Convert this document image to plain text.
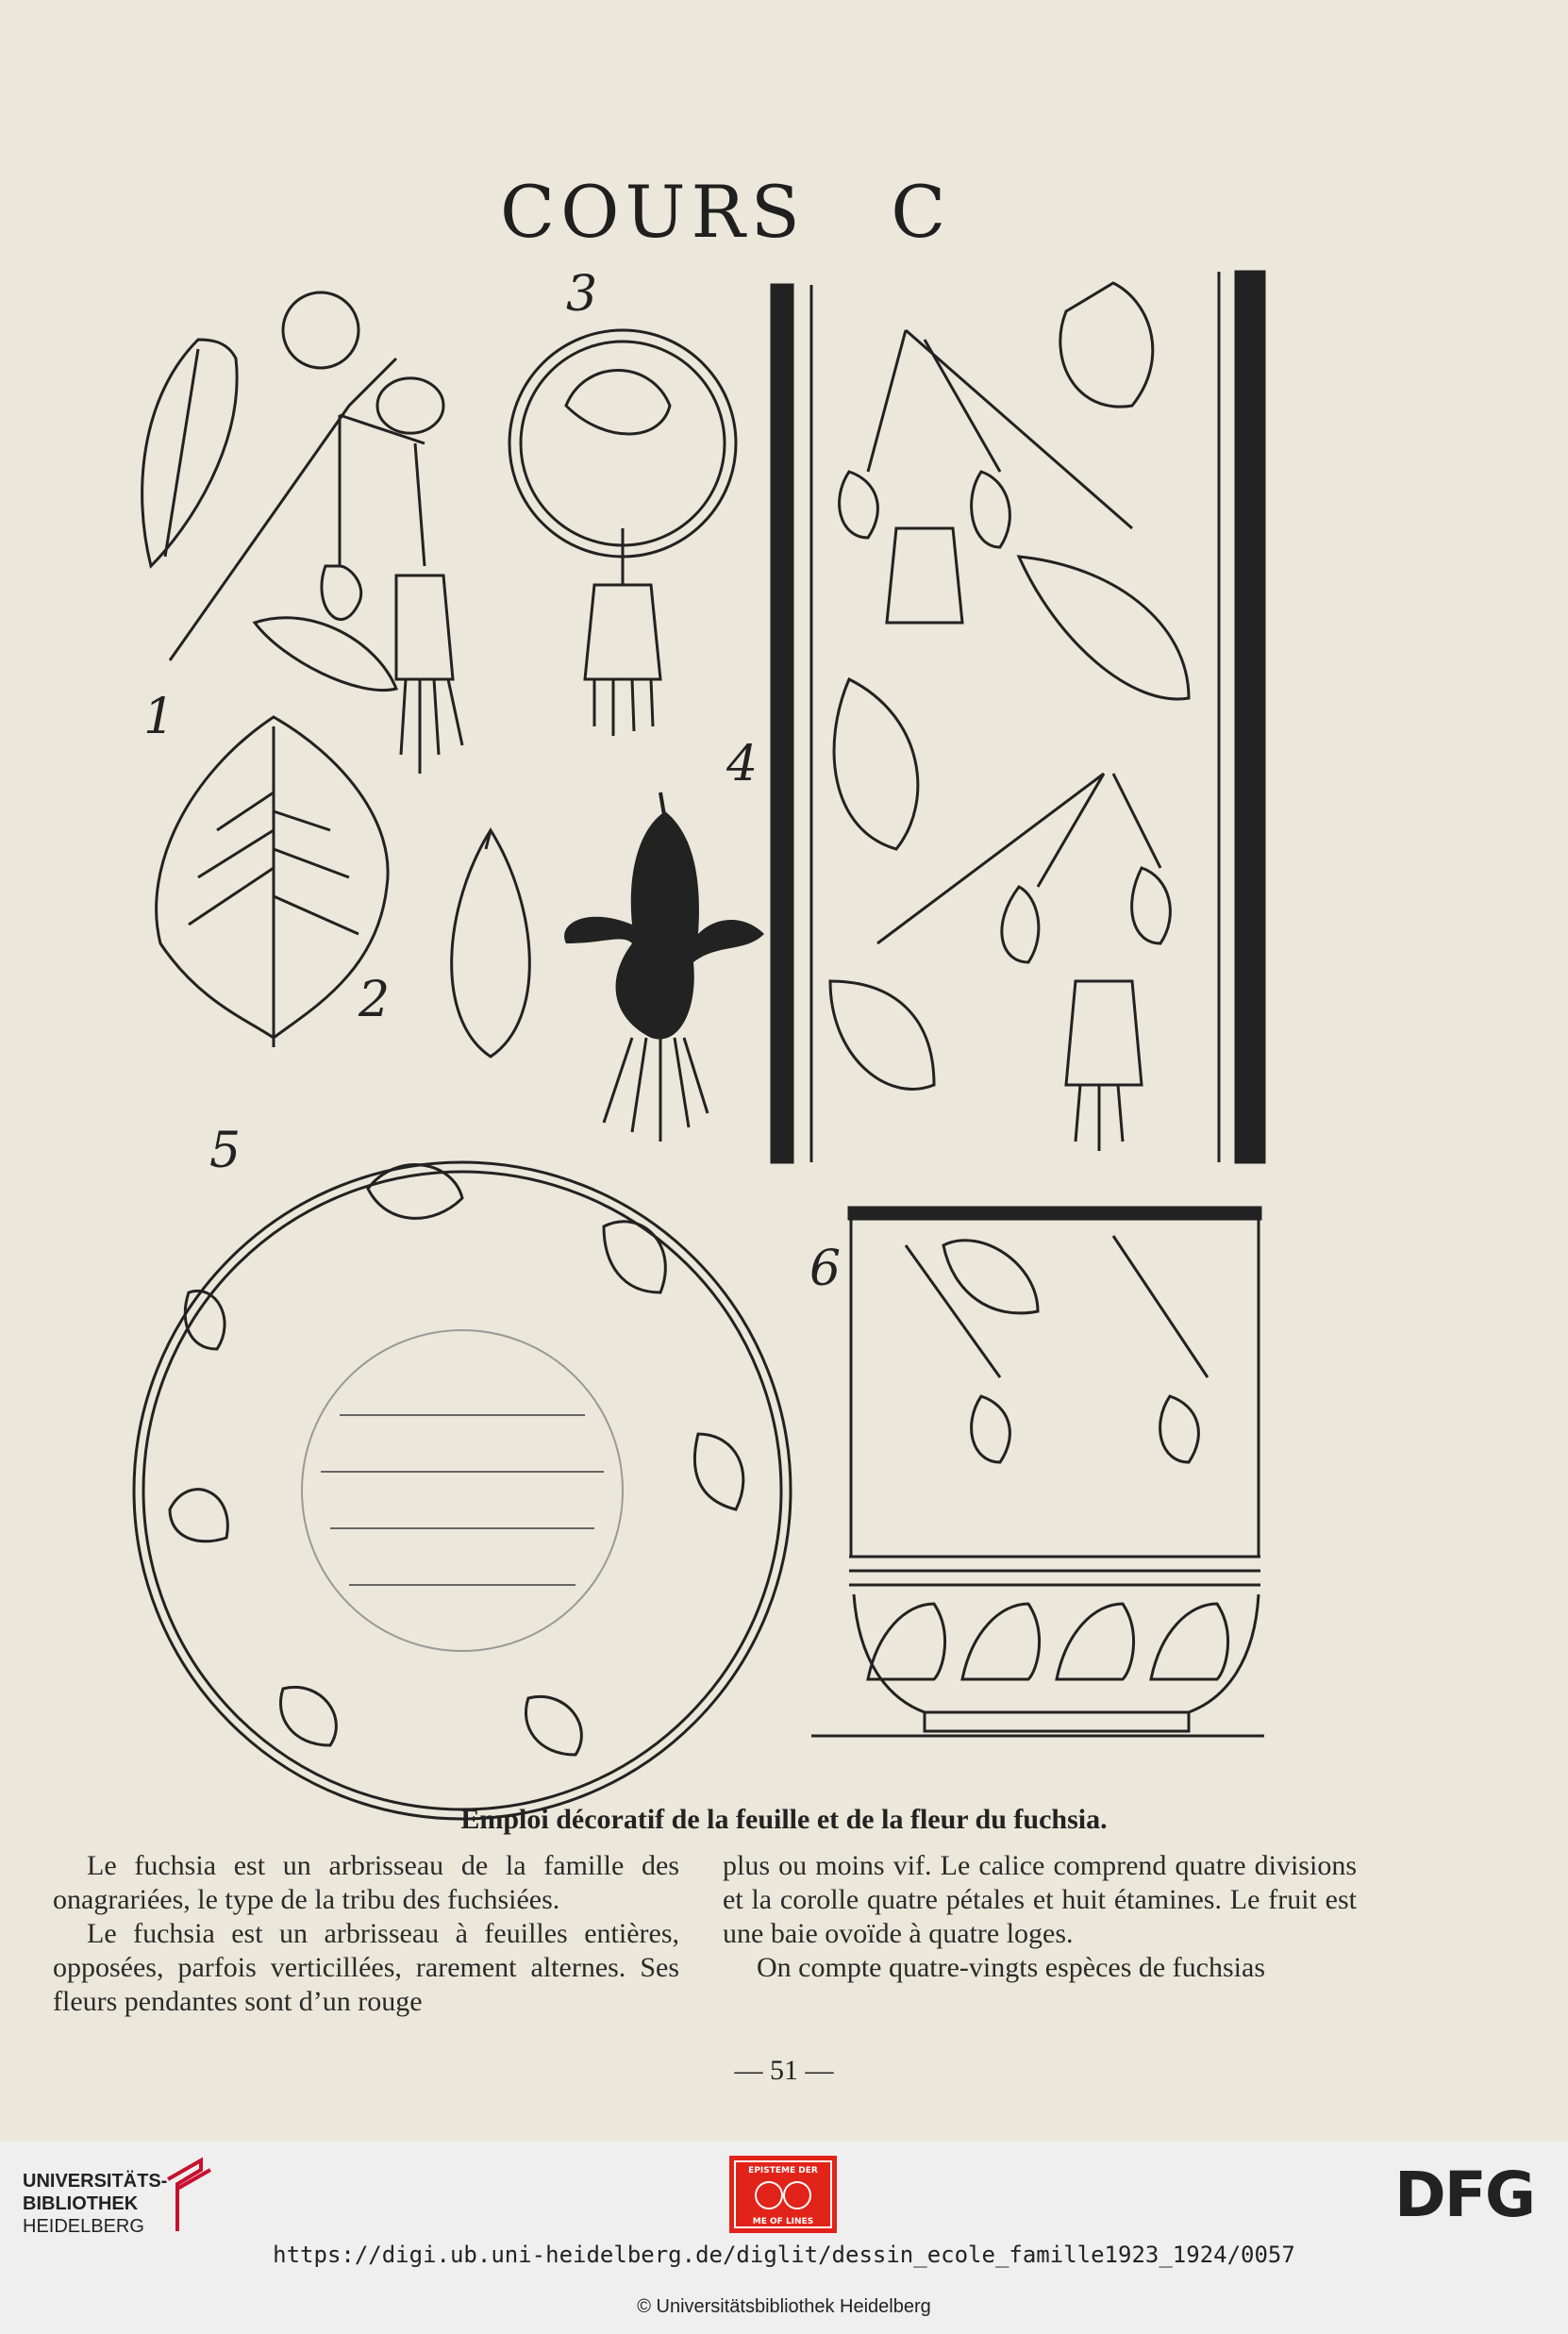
COURS   C
1
2
3
4
5
6
Emploi décoratif de la feuille et de la fleur du fuchsia.

Le fuchsia est un arbrisseau de la famille des onagrariées, le type de la tribu des fuchsiées.

Le fuchsia est un arbrisseau à feuilles entières, opposées, parfois verticillées, rarement alternes. Ses fleurs pendantes sont d’un rouge

plus ou moins vif. Le calice comprend quatre divisions et la corolle quatre pétales et huit étamines. Le fruit est une baie ovoïde à quatre loges.

On compte quatre-vingts espèces de fuchsias

— 51 —
UNIVERSITÄTS-
BIBLIOTHEK
HEIDELBERG
EPISTEME DER
ME OF LINES	DFG
https://digi.ub.uni-heidelberg.de/diglit/dessin_ecole_famille1923_1924/0057
© Universitätsbibliothek Heidelberg
